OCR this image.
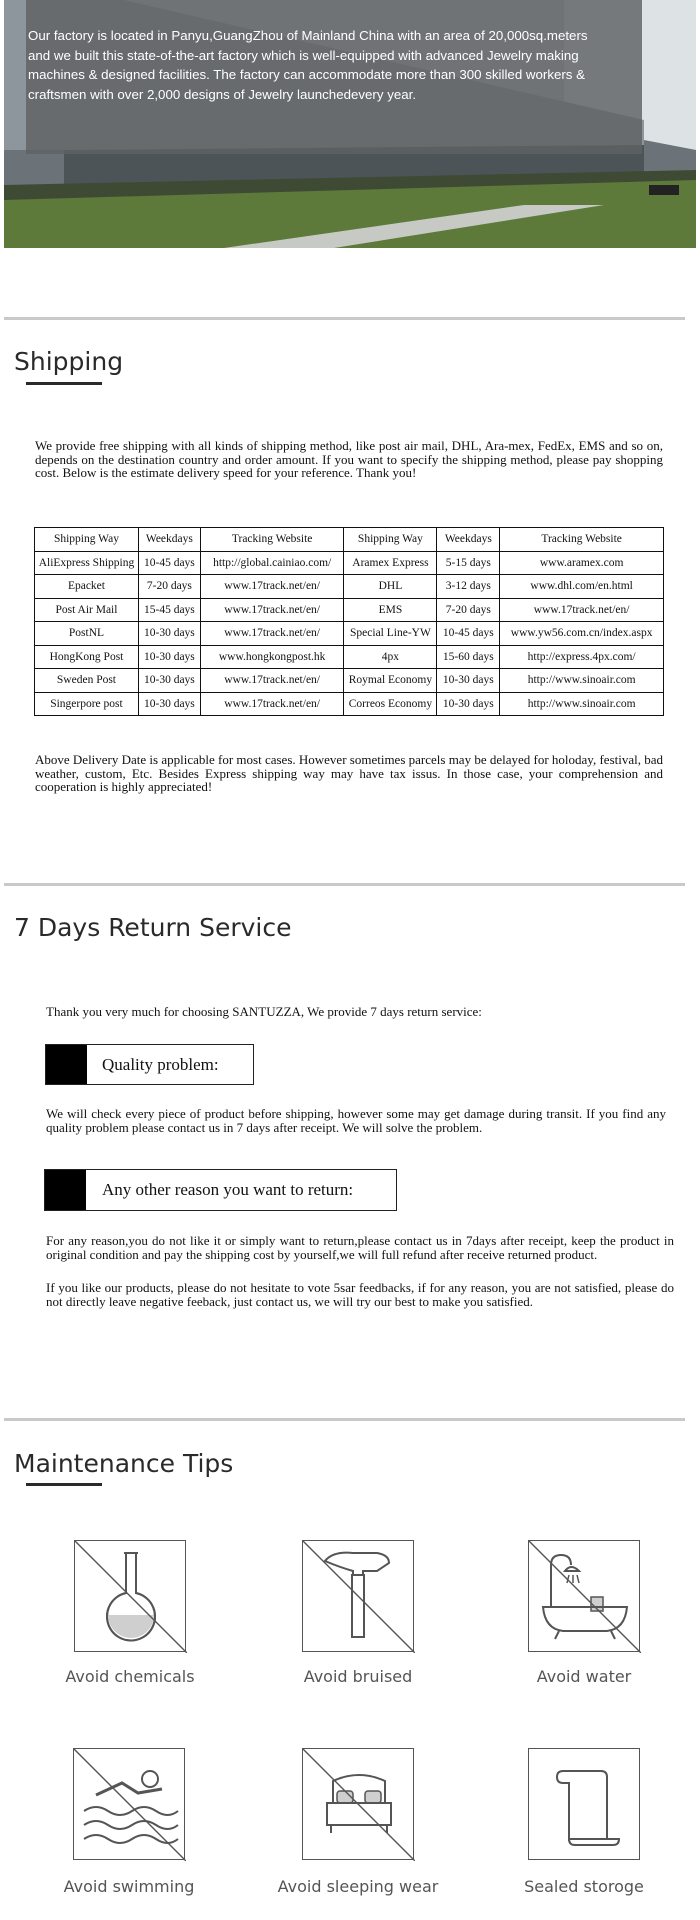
Our factory is located in Panyu,GuangZhou of Mainland China with an area of 20,000sq.meters and we built this state-of-the-art factory which is well-equipped with advanced Jewelry making machines & designed facilities. The factory can accommodate more than 300 skilled workers & craftsmen with over 2,000 designs of Jewelry launchedevery year.

Shipping

We provide free shipping with all kinds of shipping method, like post air mail, DHL, Ara-mex, FedEx, EMS and so on, depends on the destination country and order amount. If you want to specify the shipping method, please pay shopping cost. Below is the estimate delivery speed for your reference. Thank you!

Shipping Way	Weekdays	Tracking Website	Shipping Way	Weekdays	Tracking Website
AliExpress Shipping	10-45 days	http://global.cainiao.com/	Aramex Express	5-15 days	www.aramex.com
Epacket	7-20 days	www.17track.net/en/	DHL	3-12 days	www.dhl.com/en.html
Post Air Mail	15-45 days	www.17track.net/en/	EMS	7-20 days	www.17track.net/en/
PostNL	10-30 days	www.17track.net/en/	Special Line-YW	10-45 days	www.yw56.com.cn/index.aspx
HongKong Post	10-30 days	www.hongkongpost.hk	4px	15-60 days	http://express.4px.com/
Sweden Post	10-30 days	www.17track.net/en/	Roymal Economy	10-30 days	http://www.sinoair.com
Singerpore post	10-30 days	www.17track.net/en/	Correos Economy	10-30 days	http://www.sinoair.com

Above Delivery Date is applicable for most cases. However sometimes parcels may be delayed for holoday, festival, bad weather, custom, Etc. Besides Express shipping way may have tax issus. In those case, your comprehension and cooperation is highly appreciated!

7 Days Return Service

Thank you very much for choosing SANTUZZA, We provide 7 days return service:

Quality problem:

We will check every piece of product before shipping, however some may get damage during transit. If you find any quality problem please contact us in 7 days after receipt. We will solve the problem.

Any other reason you want to return:

For any reason,you do not like it or simply want to return,please contact us in 7days after receipt, keep the product in original condition and pay the shipping cost by yourself,we will full refund after receive returned product.

If you like our products, please do not hesitate to vote 5sar feedbacks, if for any reason, you are not satisfied, please do not directly leave negative feeback, just contact us, we will try our best to make you satisfied.

Maintenance Tips
Avoid chemicals	Avoid bruised	Avoid water
Avoid swimming	Avoid sleeping wear	Sealed storoge
